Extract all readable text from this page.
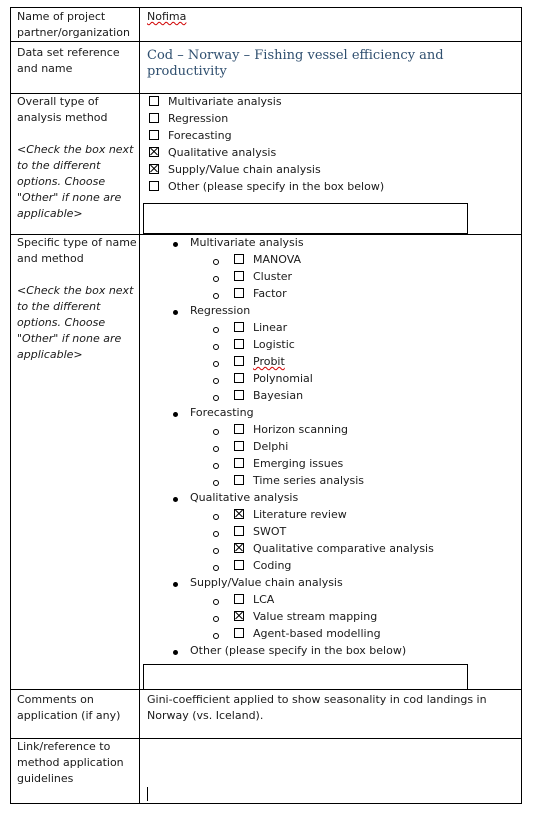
Name of project partner/organization
Nofima
Data set reference and name
Cod – Norway – Fishing vessel efficiency and productivity
Overall type of analysis method
<Check the box next to the different options. Choose "Other" if none are applicable>
Specific type of name and method
<Check the box next to the different options. Choose "Other" if none are applicable>
Comments on application (if any)
Gini-coefficient applied to show seasonality in cod landings in Norway (vs. Iceland).
Link/reference to method application guidelines
Multivariate analysis
Regression
Forecasting
Qualitative analysis
Supply/Value chain analysis
Other (please specify in the box below)
Multivariate analysis
MANOVA
Cluster
Factor
Regression
Linear
Logistic
Probit
Polynomial
Bayesian
Forecasting
Horizon scanning
Delphi
Emerging issues
Time series analysis
Qualitative analysis
Literature review
SWOT
Qualitative comparative analysis
Coding
Supply/Value chain analysis
LCA
Value stream mapping
Agent-based modelling
Other (please specify in the box below)
